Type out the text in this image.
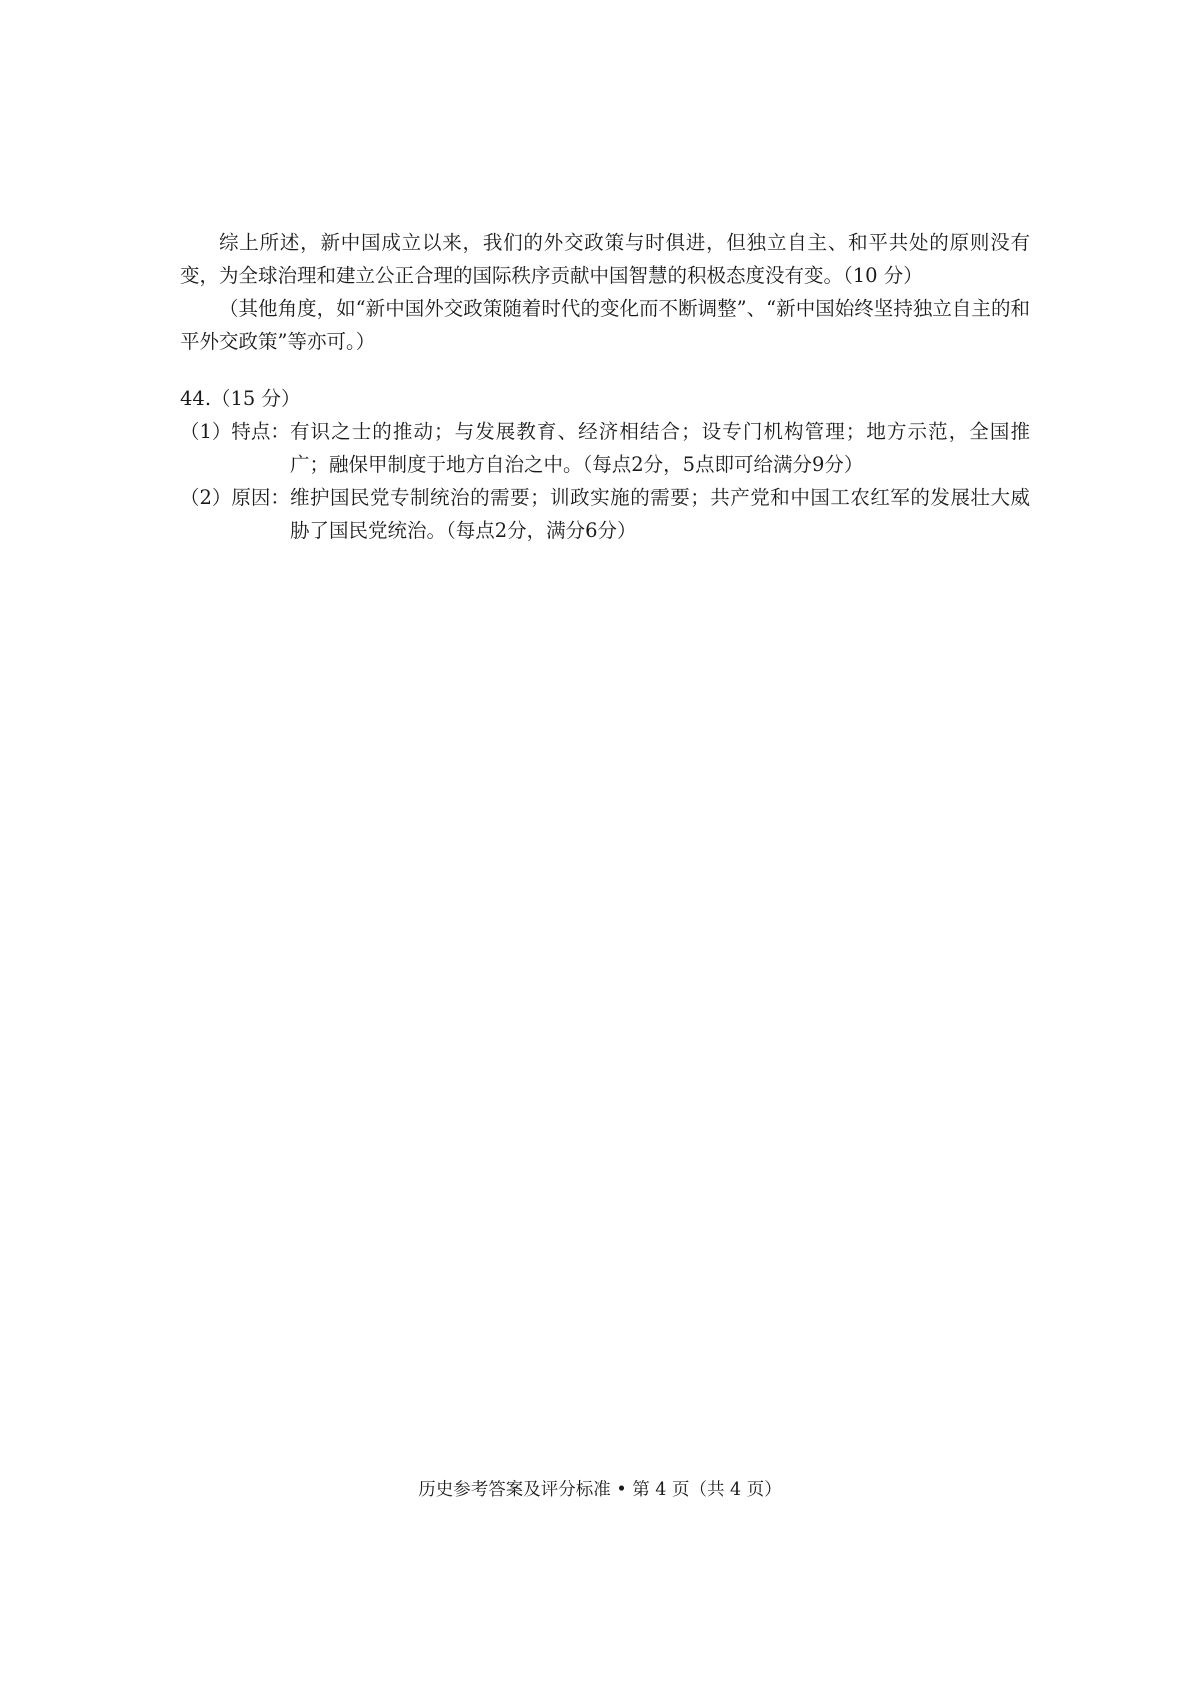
综上所述，新中国成立以来，我们的外交政策与时俱进，但独立自主、和平共处的原则没有变，为全球治理和建立公正合理的国际秩序贡献中国智慧的积极态度没有变。（10 分）

（其他角度，如“新中国外交政策随着时代的变化而不断调整”、“新中国始终坚持独立自主的和平外交政策”等亦可。）

44.（15 分）

（1） 特点： 有识之士的推动；与发展教育、经济相结合；设专门机构管理；地方示范，全国推广；融保甲制度于地方自治之中。（每点2分，5点即可给满分9分）
（2） 原因： 维护国民党专制统治的需要；训政实施的需要；共产党和中国工农红军的发展壮大威胁了国民党统治。（每点2分，满分6分）
历史参考答案及评分标准 • 第 4 页（共 4 页）
